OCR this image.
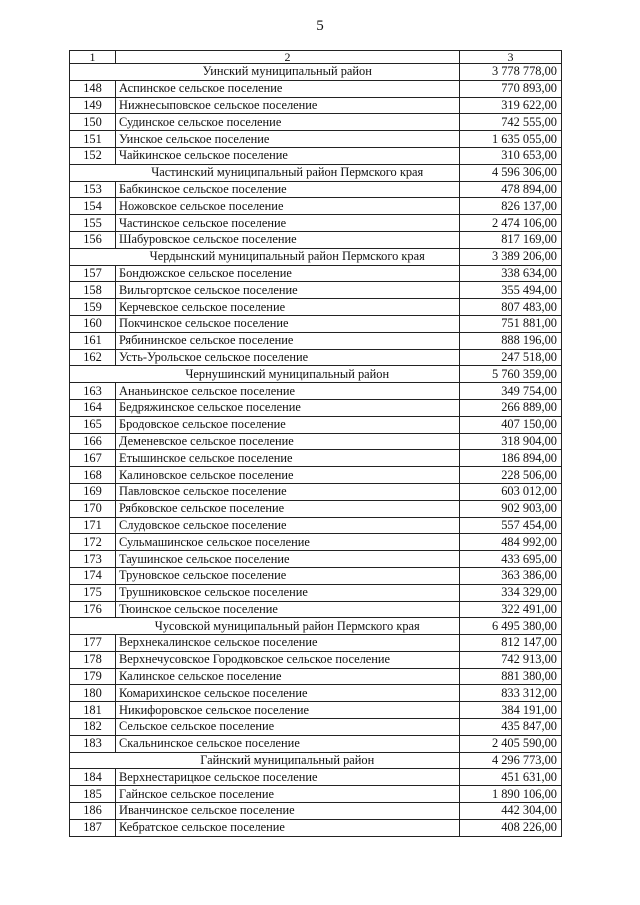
5
1	2	3
	Уинский муниципальный район	3 778 778,00
148	Аспинское сельское поселение	770 893,00
149	Нижнесыповское сельское поселение	319 622,00
150	Судинское сельское поселение	742 555,00
151	Уинское сельское поселение	1 635 055,00
152	Чайкинское сельское поселение	310 653,00
	Частинский муниципальный район Пермского края	4 596 306,00
153	Бабкинское сельское поселение	478 894,00
154	Ножовское сельское поселение	826 137,00
155	Частинское сельское поселение	2 474 106,00
156	Шабуровское сельское поселение	817 169,00
	Чердынский муниципальный район Пермского края	3 389 206,00
157	Бондюжское сельское поселение	338 634,00
158	Вильгортское сельское поселение	355 494,00
159	Керчевское сельское поселение	807 483,00
160	Покчинское сельское поселение	751 881,00
161	Рябининское сельское поселение	888 196,00
162	Усть-Урольское сельское поселение	247 518,00
	Чернушинский муниципальный район	5 760 359,00
163	Ананьинское сельское поселение	349 754,00
164	Бедряжинское сельское поселение	266 889,00
165	Бродовское сельское поселение	407 150,00
166	Деменевское сельское поселение	318 904,00
167	Етышинское сельское поселение	186 894,00
168	Калиновское сельское поселение	228 506,00
169	Павловское сельское поселение	603 012,00
170	Рябковское сельское поселение	902 903,00
171	Слудовское сельское поселение	557 454,00
172	Сульмашинское сельское поселение	484 992,00
173	Таушинское сельское поселение	433 695,00
174	Труновское сельское поселение	363 386,00
175	Трушниковское сельское поселение	334 329,00
176	Тюинское сельское поселение	322 491,00
	Чусовской муниципальный район Пермского края	6 495 380,00
177	Верхнекалинское сельское поселение	812 147,00
178	Верхнечусовское Городковское сельское поселение	742 913,00
179	Калинское сельское поселение	881 380,00
180	Комарихинское сельское поселение	833 312,00
181	Никифоровское сельское поселение	384 191,00
182	Сельское сельское поселение	435 847,00
183	Скальнинское сельское поселение	2 405 590,00
	Гайнский муниципальный район	4 296 773,00
184	Верхнестарицкое сельское поселение	451 631,00
185	Гайнское сельское поселение	1 890 106,00
186	Иванчинское сельское поселение	442 304,00
187	Кебратское сельское поселение	408 226,00
